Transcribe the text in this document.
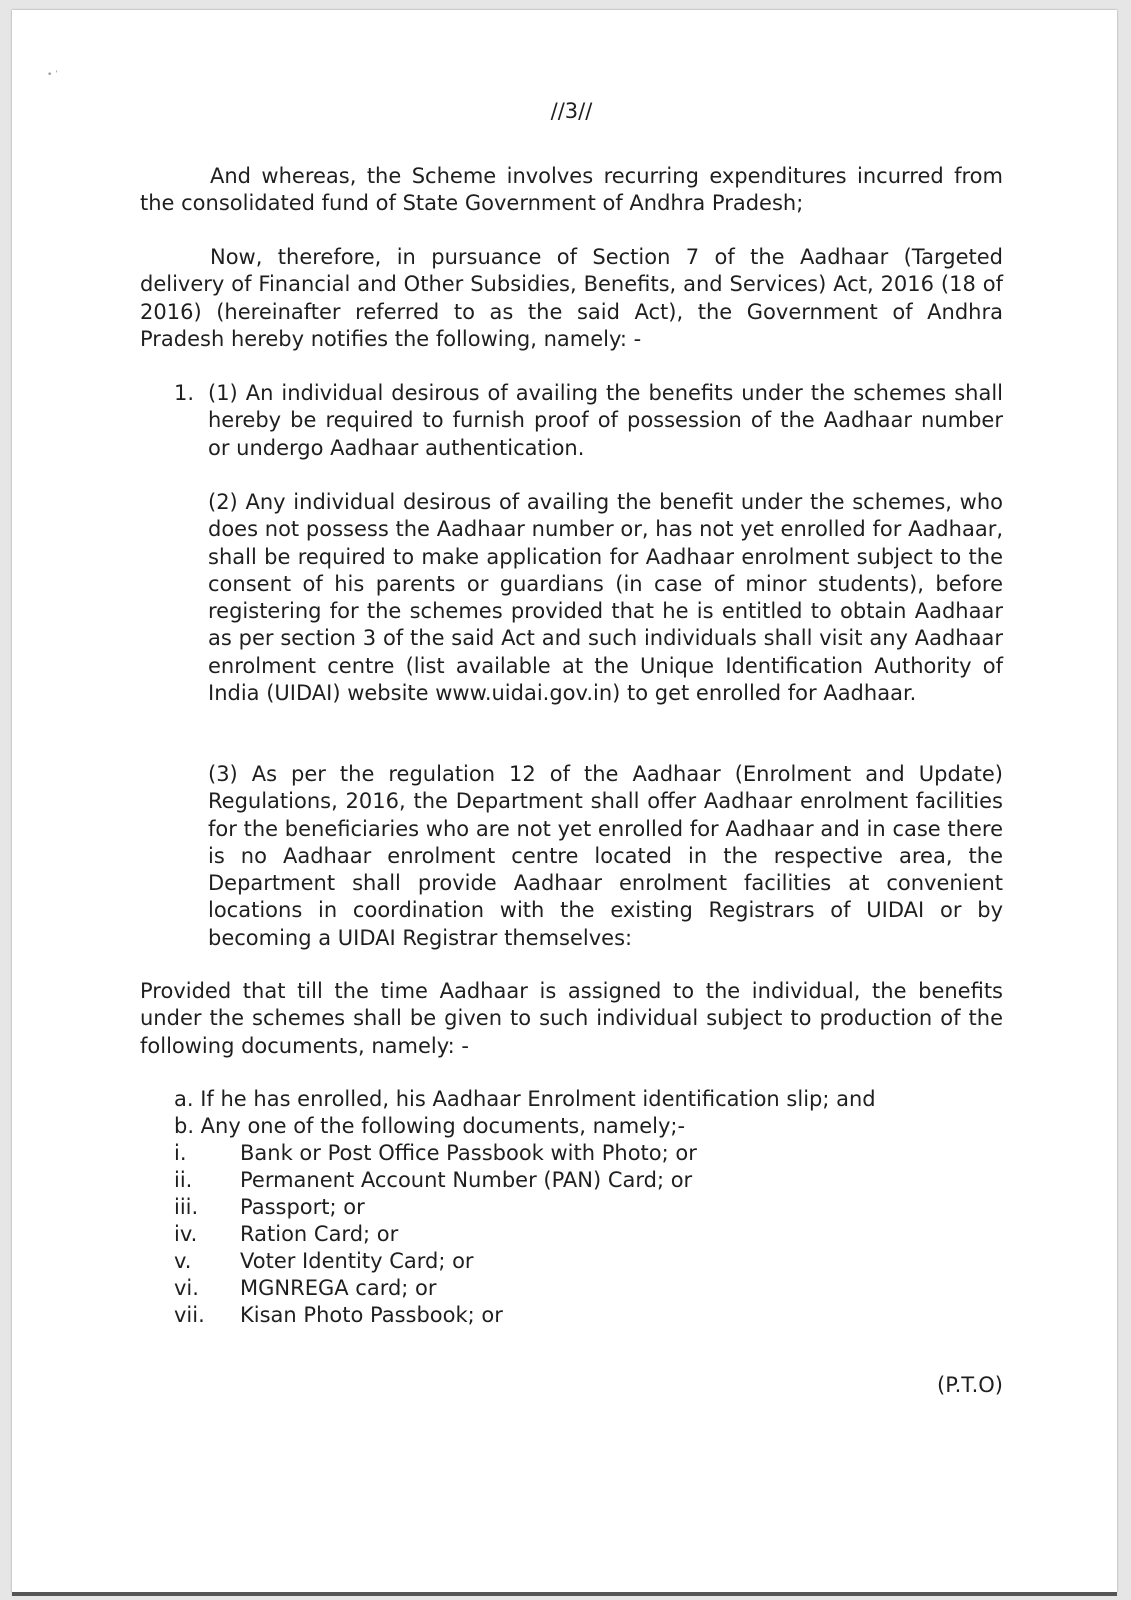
• ’
//3//

And whereas, the Scheme involves recurring expenditures incurred from the consolidated fund of State Government of Andhra Pradesh;

Now, therefore, in pursuance of Section 7 of the Aadhaar (Targeted delivery of Financial and Other Subsidies, Benefits, and Services) Act, 2016 (18 of 2016) (hereinafter referred to as the said Act), the Government of Andhra Pradesh hereby notifies the following, namely: -

1. (1) An individual desirous of availing the benefits under the schemes shall hereby be required to furnish proof of possession of the Aadhaar number or undergo Aadhaar authentication.

(2) Any individual desirous of availing the benefit under the schemes, who does not possess the Aadhaar number or, has not yet enrolled for Aadhaar, shall be required to make application for Aadhaar enrolment subject to the consent of his parents or guardians (in case of minor students), before registering for the schemes provided that he is entitled to obtain Aadhaar as per section 3 of the said Act and such individuals shall visit any Aadhaar enrolment centre (list available at the Unique Identification Authority of India (UIDAI) website www.uidai.gov.in) to get enrolled for Aadhaar.

(3) As per the regulation 12 of the Aadhaar (Enrolment and Update) Regulations, 2016, the Department shall offer Aadhaar enrolment facilities for the beneficiaries who are not yet enrolled for Aadhaar and in case there is no Aadhaar enrolment centre located in the respective area, the Department shall provide Aadhaar enrolment facilities at convenient locations in coordination with the existing Registrars of UIDAI or by becoming a UIDAI Registrar themselves:

Provided that till the time Aadhaar is assigned to the individual, the benefits under the schemes shall be given to such individual subject to production of the following documents, namely: -

a. If he has enrolled, his Aadhaar Enrolment identification slip; and
b. Any one of the following documents, namely;-
i.	Bank or Post Office Passbook with Photo; or
ii. Permanent Account Number (PAN) Card; or
iii. Passport; or
iv. Ration Card; or
v. Voter Identity Card; or
vi. MGNREGA card; or
vii. Kisan Photo Passbook; or
(P.T.O)
